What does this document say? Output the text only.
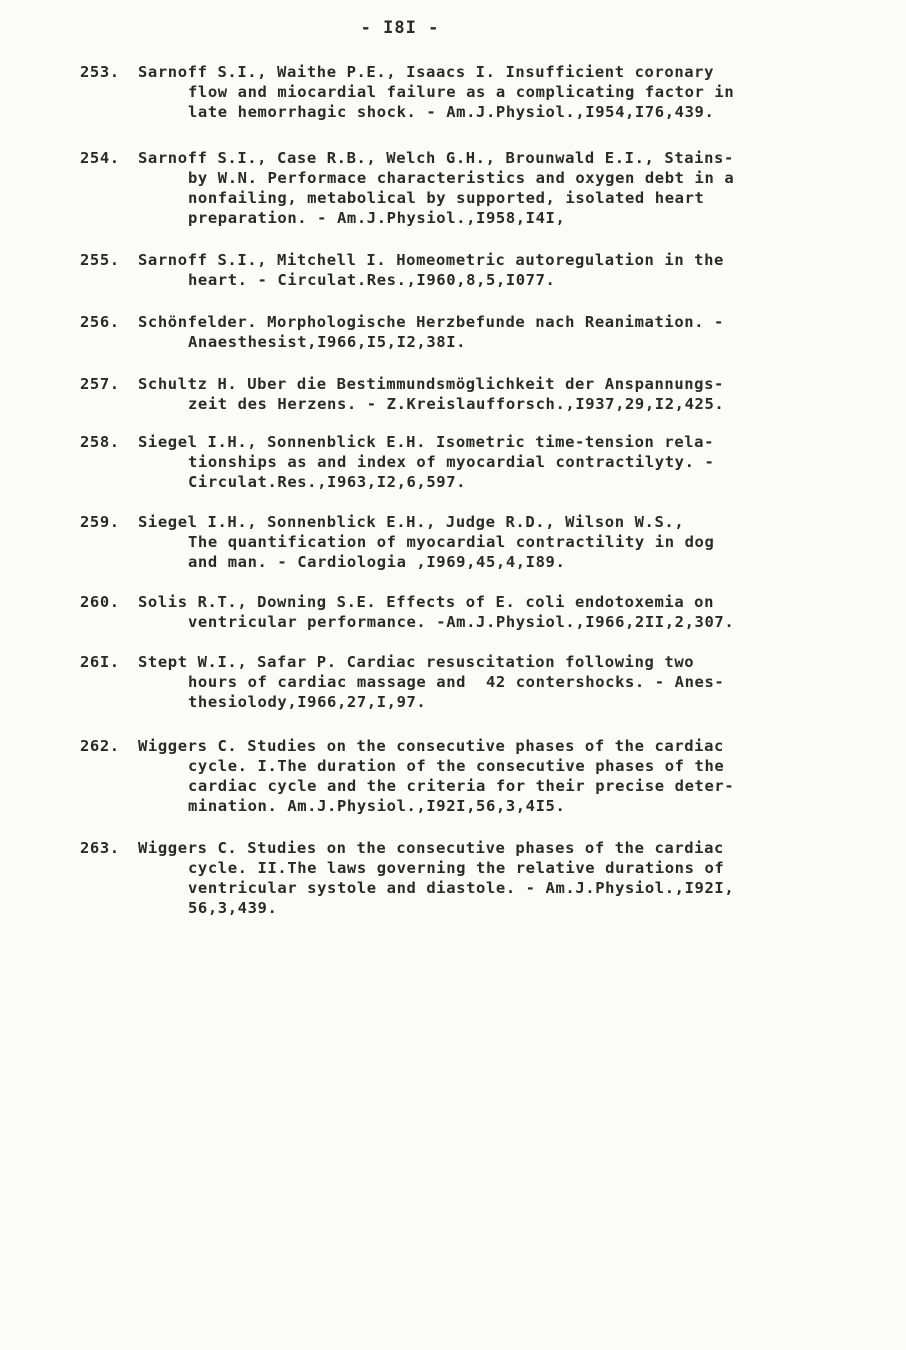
- I8I -
253. Sarnoff S.I., Waithe P.E., Isaacs I. Insufficient coronary
flow and miocardial failure as a complicating factor in
late hemorrhagic shock. - Am.J.Physiol.,I954,I76,439.
254. Sarnoff S.I., Case R.B., Welch G.H., Brounwald E.I., Stains-
by W.N. Performace characteristics and oxygen debt in a
nonfailing, metabolical by supported, isolated heart
preparation. - Am.J.Physiol.,I958,I4I,
255. Sarnoff S.I., Mitchell I. Homeometric autoregulation in the
heart. - Circulat.Res.,I960,8,5,I077.
256. Schönfelder. Morphologische Herzbefunde nach Reanimation. -
Anaesthesist,I966,I5,I2,38I.
257. Schultz H. Uber die Bestimmundsmöglichkeit der Anspannungs-
zeit des Herzens. - Z.Kreislaufforsch.,I937,29,I2,425.
258. Siegel I.H., Sonnenblick E.H. Isometric time-tension rela-
tionships as and index of myocardial contractilyty. -
Circulat.Res.,I963,I2,6,597.
259. Siegel I.H., Sonnenblick E.H., Judge R.D., Wilson W.S.,
The quantification of myocardial contractility in dog
and man. - Cardiologia ,I969,45,4,I89.
260. Solis R.T., Downing S.E. Effects of E. coli endotoxemia on
ventricular performance. -Am.J.Physiol.,I966,2II,2,307.
26I. Stept W.I., Safar P. Cardiac resuscitation following two
hours of cardiac massage and  42 contershocks. - Anes-
thesiolody,I966,27,I,97.
262. Wiggers C. Studies on the consecutive phases of the cardiac
cycle. I.The duration of the consecutive phases of the
cardiac cycle and the criteria for their precise deter-
mination. Am.J.Physiol.,I92I,56,3,4I5.
263. Wiggers C. Studies on the consecutive phases of the cardiac
cycle. II.The laws governing the relative durations of
ventricular systole and diastole. - Am.J.Physiol.,I92I,
56,3,439.
